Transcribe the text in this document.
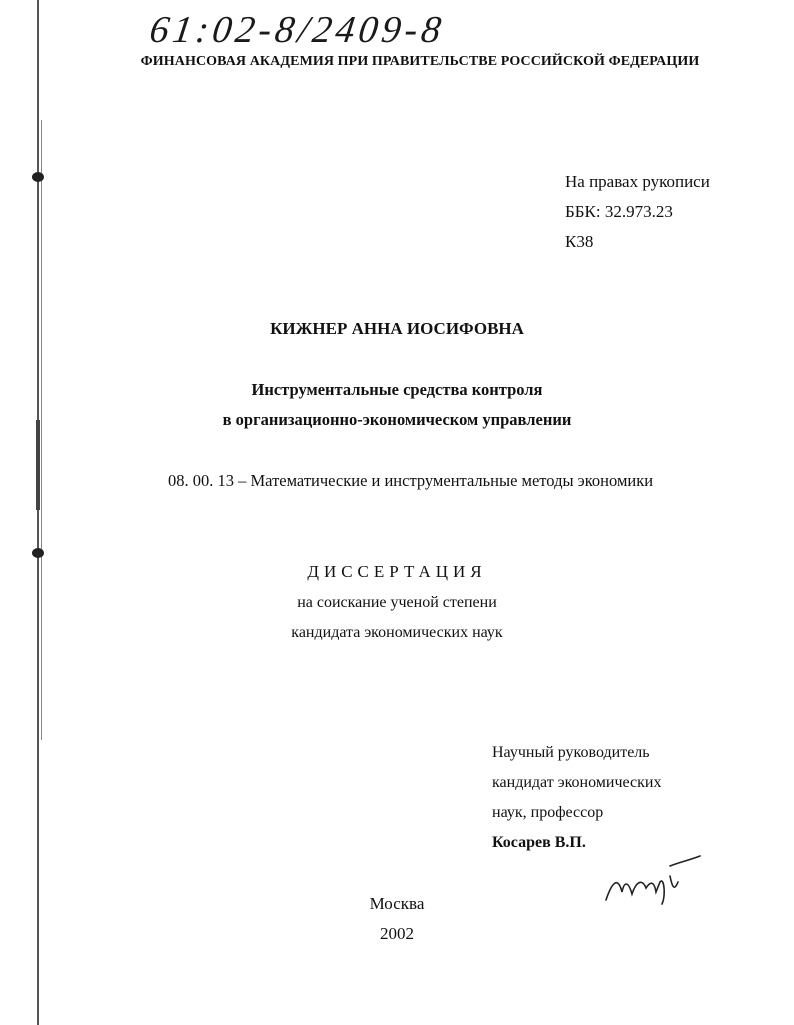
61:02-8/2409-8
ФИНАНСОВАЯ АКАДЕМИЯ ПРИ ПРАВИТЕЛЬСТВЕ РОССИЙСКОЙ ФЕДЕРАЦИИ
На правах рукописи
ББК: 32.973.23
К38
КИЖНЕР АННА ИОСИФОВНА
Инструментальные средства контроля
в организационно-экономическом управлении
08. 00. 13 – Математические и инструментальные методы экономики
ДИССЕРТАЦИЯ
на соискание ученой степени
кандидата экономических наук
Научный руководитель
кандидат экономических
наук, профессор
Косарев В.П.
Москва
2002
